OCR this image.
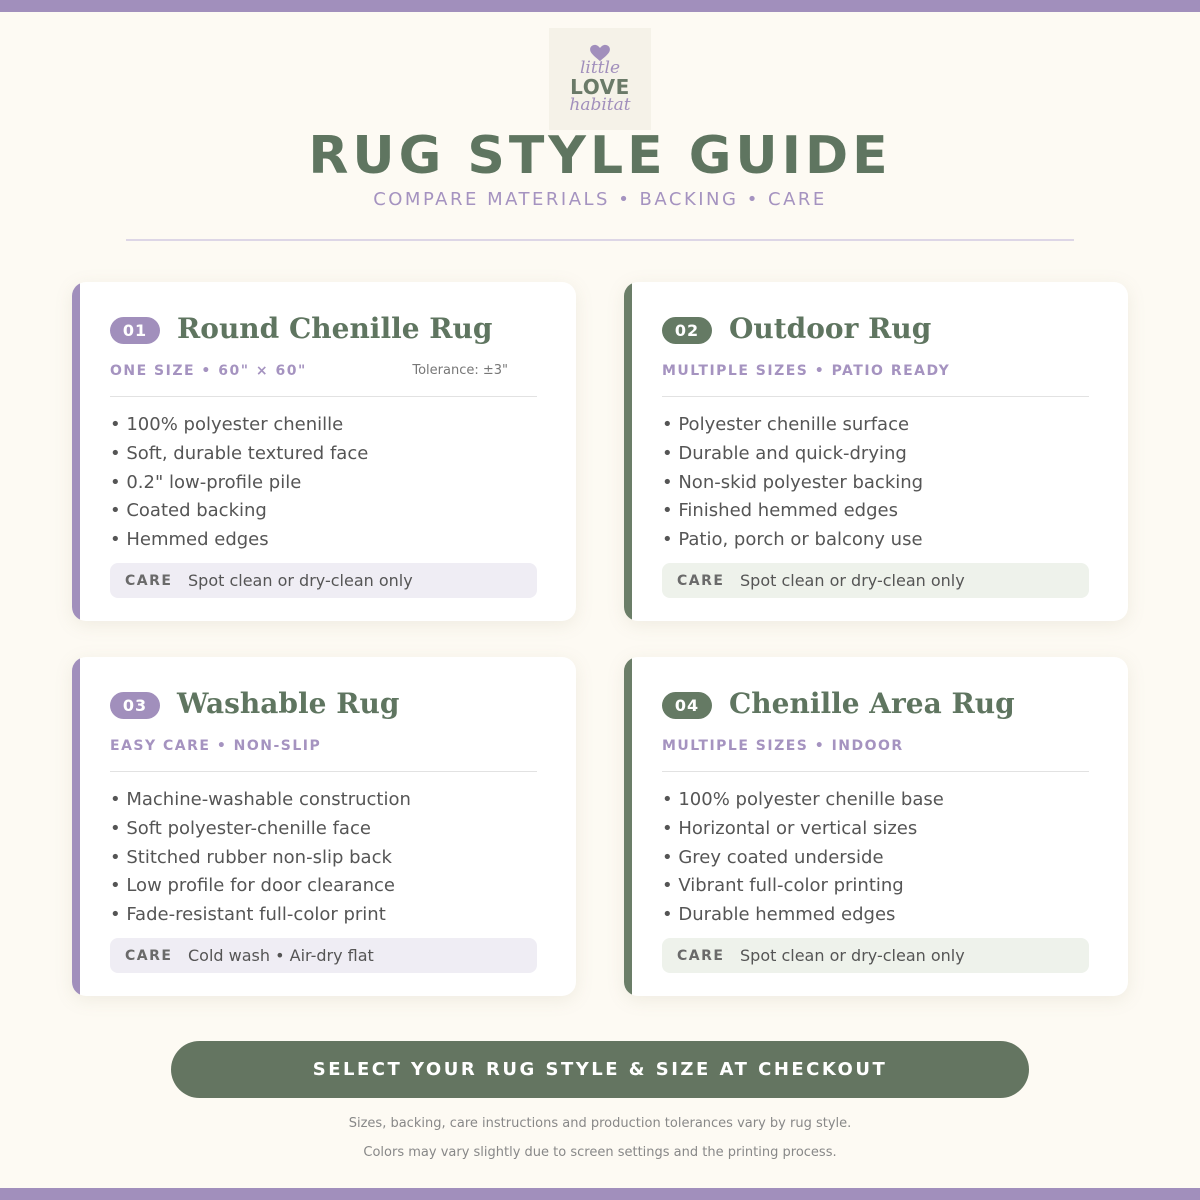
little
LOVE
habitat
RUG STYLE GUIDE
COMPARE MATERIALS • BACKING • CARE
01	Round Chenille Rug
ONE SIZE • 60" × 60"	Tolerance: ±3"
• 100% polyester chenille
• Soft, durable textured face
• 0.2" low-profile pile
• Coated backing
• Hemmed edges
CARE Spot clean or dry-clean only
02	Outdoor Rug
MULTIPLE SIZES • PATIO READY
• Polyester chenille surface
• Durable and quick-drying
• Non-skid polyester backing
• Finished hemmed edges
• Patio, porch or balcony use
CARE Spot clean or dry-clean only
03	Washable Rug
EASY CARE • NON-SLIP
• Machine-washable construction
• Soft polyester-chenille face
• Stitched rubber non-slip back
• Low profile for door clearance
• Fade-resistant full-color print
CARE Cold wash • Air-dry flat
04	Chenille Area Rug
MULTIPLE SIZES • INDOOR
• 100% polyester chenille base
• Horizontal or vertical sizes
• Grey coated underside
• Vibrant full-color printing
• Durable hemmed edges
CARE Spot clean or dry-clean only
SELECT YOUR RUG STYLE & SIZE AT CHECKOUT
Sizes, backing, care instructions and production tolerances vary by rug style.
Colors may vary slightly due to screen settings and the printing process.
